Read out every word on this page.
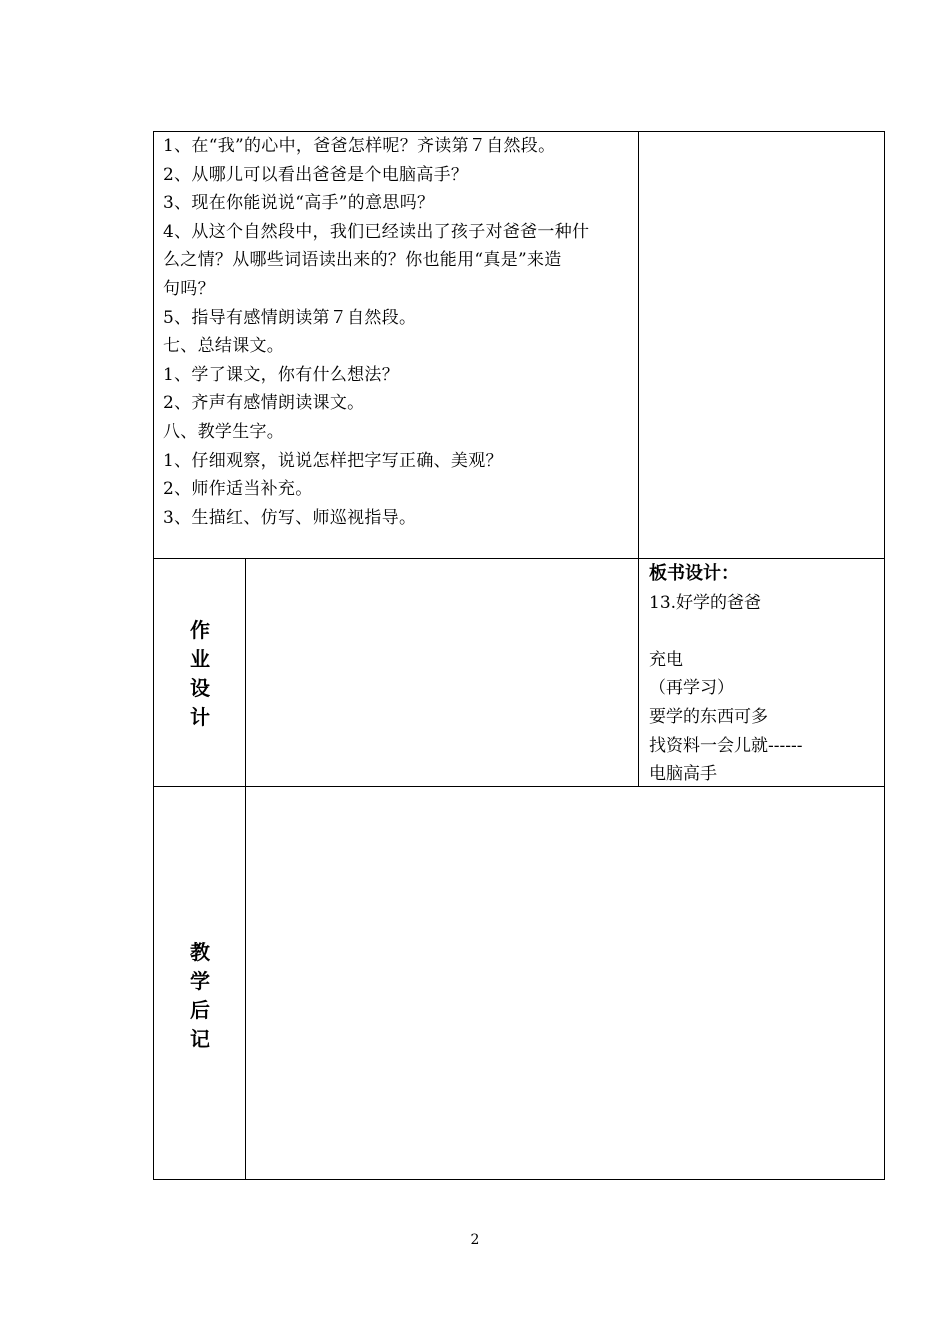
1、在“我”的心中，爸爸怎样呢？齐读第７自然段。
2、从哪儿可以看出爸爸是个电脑高手？
3、现在你能说说“高手”的意思吗？
4、从这个自然段中，我们已经读出了孩子对爸爸一种什
么之情？从哪些词语读出来的？你也能用“真是”来造
句吗？
5、指导有感情朗读第７自然段。
七、总结课文。
1、学了课文，你有什么想法？
2、齐声有感情朗读课文。
八、教学生字。
1、仔细观察，说说怎样把字写正确、美观？
2、师作适当补充。
3、生描红、仿写、师巡视指导。
作
业
设
计
板书设计：
13.好学的爸爸
充电
（再学习）
要学的东西可多
找资料一会儿就------
电脑高手
教
学
后
记
2
